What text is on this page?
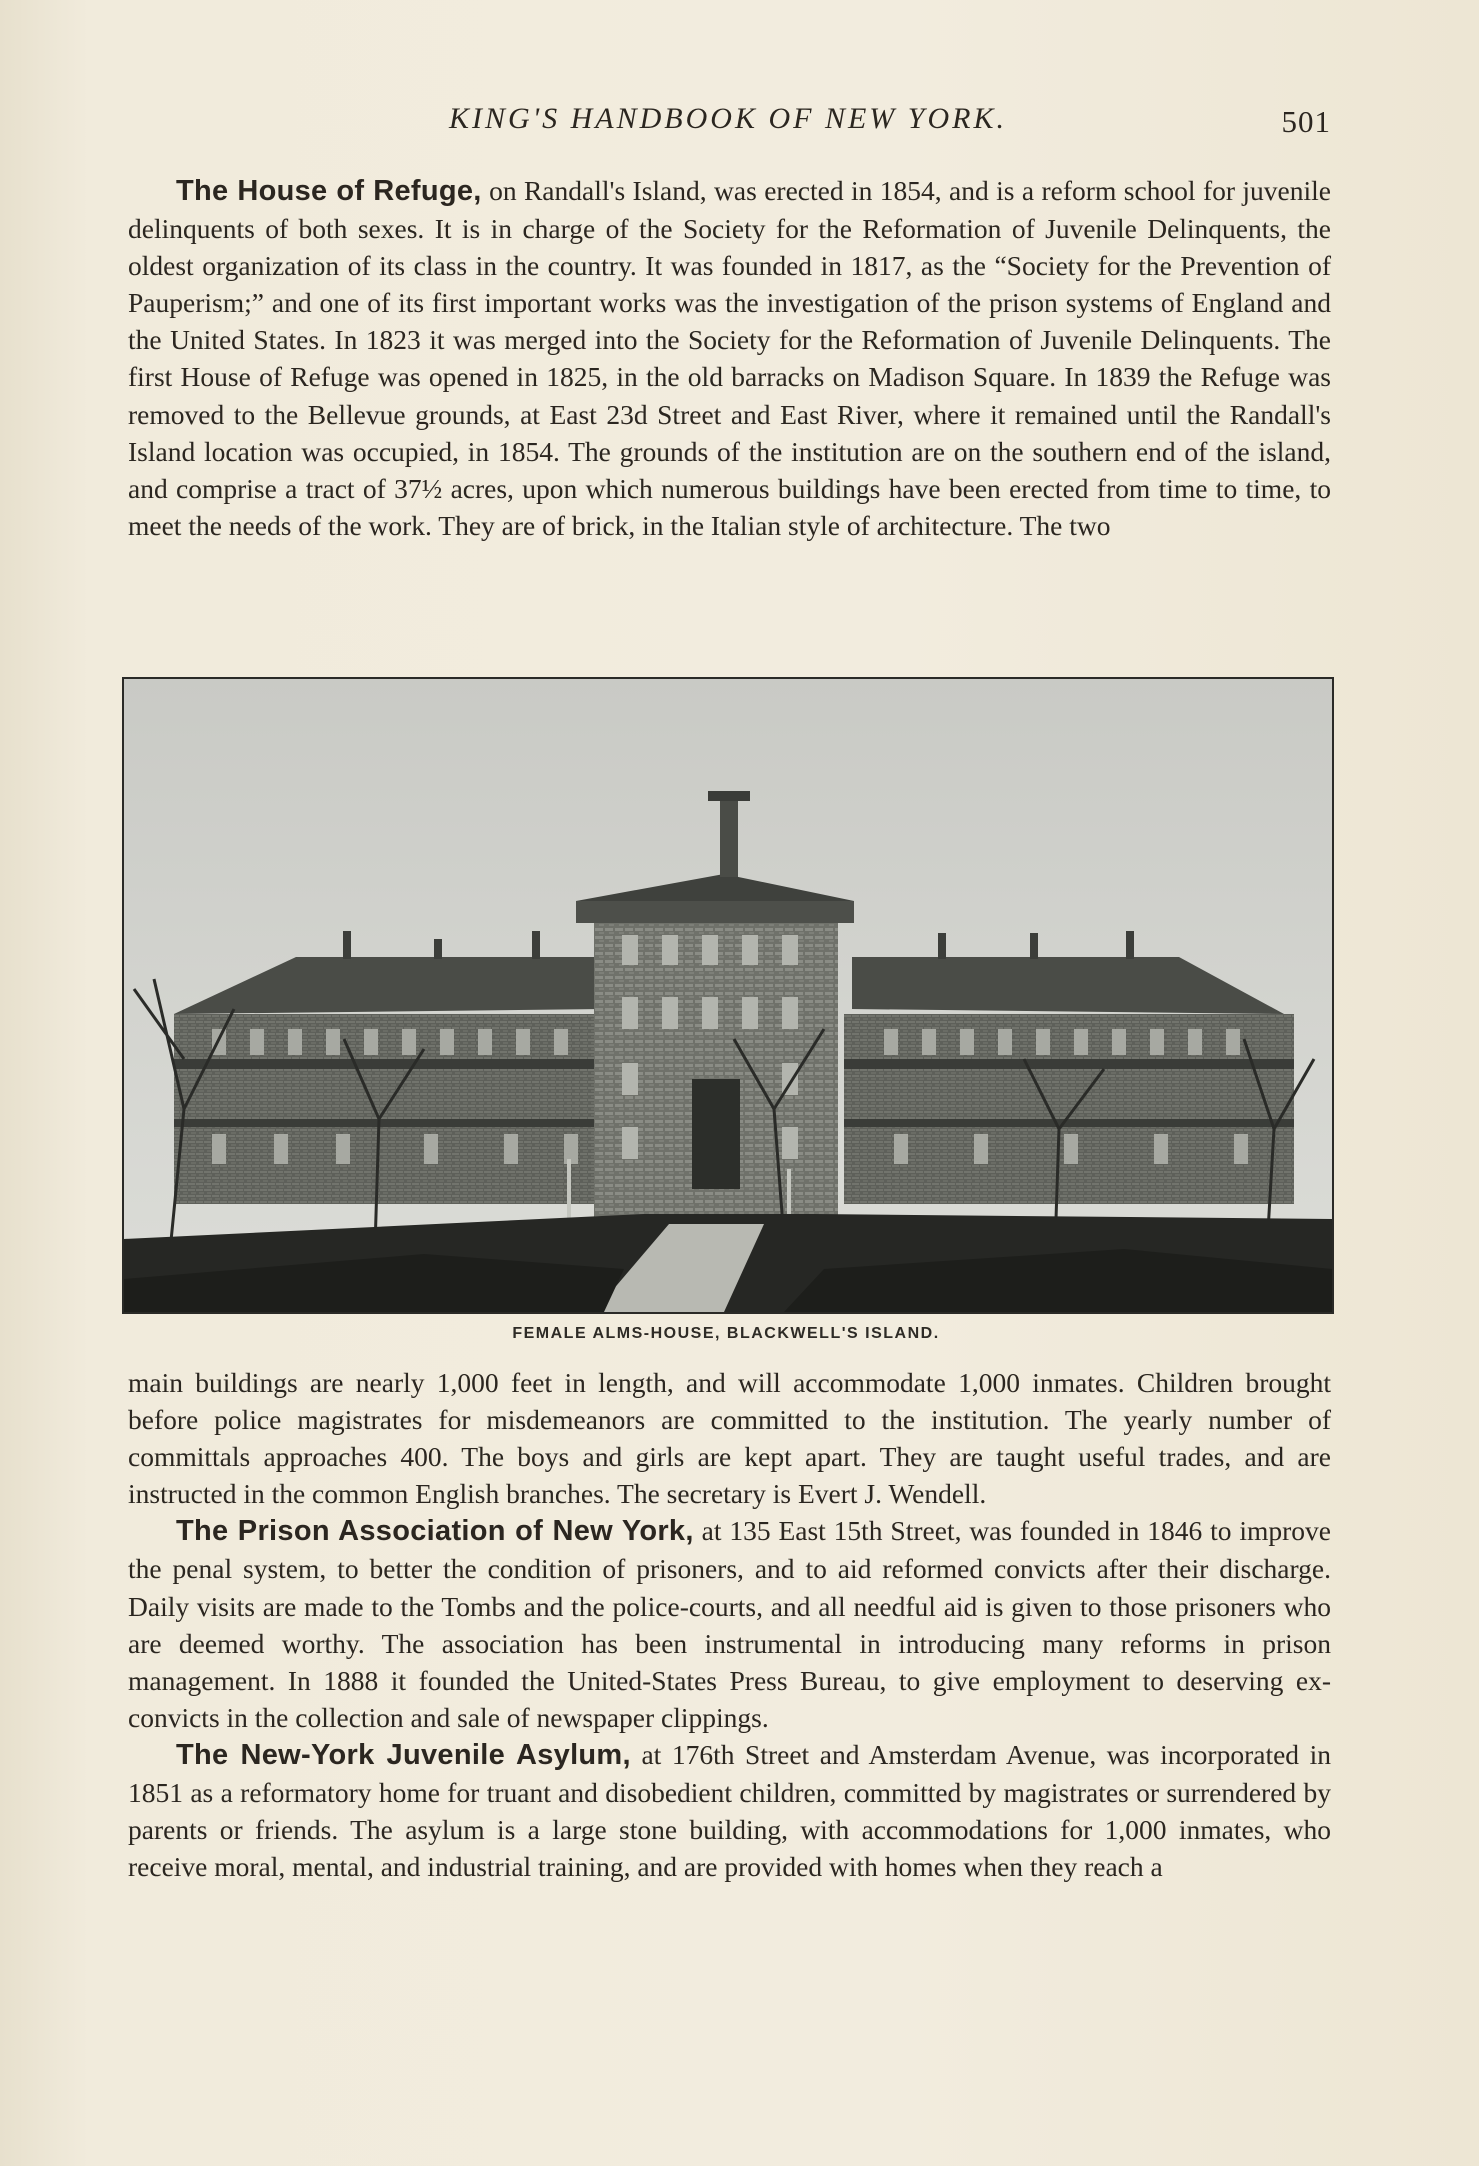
KING'S HANDBOOK OF NEW YORK.	501

The House of Refuge, on Randall's Island, was erected in 1854, and is a reform school for juvenile delinquents of both sexes. It is in charge of the Society for the Reformation of Juvenile Delinquents, the oldest organization of its class in the country. It was founded in 1817, as the “Society for the Prevention of Pauperism;” and one of its first important works was the investigation of the prison systems of England and the United States. In 1823 it was merged into the Society for the Reformation of Juvenile Delinquents. The first House of Refuge was opened in 1825, in the old barracks on Madison Square. In 1839 the Refuge was removed to the Bellevue grounds, at East 23d Street and East River, where it remained until the Randall's Island location was occupied, in 1854. The grounds of the institution are on the southern end of the island, and comprise a tract of 37½ acres, upon which numerous buildings have been erected from time to time, to meet the needs of the work. They are of brick, in the Italian style of architecture. The two

FEMALE ALMS-HOUSE, BLACKWELL'S ISLAND.

main buildings are nearly 1,000 feet in length, and will accommodate 1,000 inmates. Children brought before police magistrates for misdemeanors are committed to the institution. The yearly number of committals approaches 400. The boys and girls are kept apart. They are taught useful trades, and are instructed in the common English branches. The secretary is Evert J. Wendell.

The Prison Association of New York, at 135 East 15th Street, was founded in 1846 to improve the penal system, to better the condition of prisoners, and to aid reformed convicts after their discharge. Daily visits are made to the Tombs and the police-courts, and all needful aid is given to those prisoners who are deemed worthy. The association has been instrumental in introducing many reforms in prison management. In 1888 it founded the United-States Press Bureau, to give employment to deserving ex-convicts in the collection and sale of newspaper clippings.

The New-York Juvenile Asylum, at 176th Street and Amsterdam Avenue, was incorporated in 1851 as a reformatory home for truant and disobedient children, committed by magistrates or surrendered by parents or friends. The asylum is a large stone building, with accommodations for 1,000 inmates, who receive moral, mental, and industrial training, and are provided with homes when they reach a
